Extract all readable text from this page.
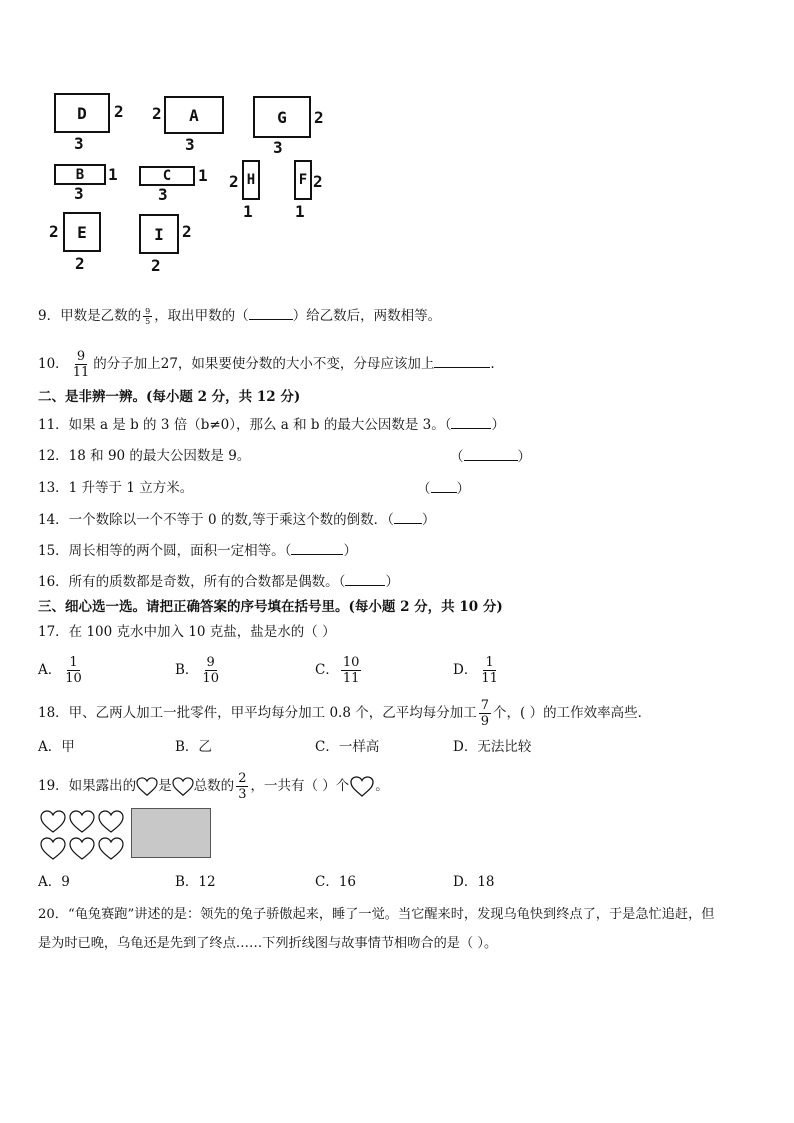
D 2
3
A
2
3
G 2
3
B 1
3
C 1
3
H
2
1
F 2
1
E
2
2
I 2
2
9．甲数是乙数的 $\frac{9}{5}$ ，取出甲数的（	）给乙数后，两数相等。
10． $\frac{9}{11}$ 的分子加上27，如果要使分数的大小不变，分母应该加上	.
二、是非辨一辨。(每小题 2 分，共 12 分)
11．如果 a 是 b 的 3 倍（b≠0），那么 a 和 b 的最大公因数是 3。（	）
12．18 和 90 的最大公因数是 9。	（	）
13．1 升等于 1 立方米。	（ ）
14．一个数除以一个不等于 0 的数,等于乘这个数的倒数．（ ）
15．周长相等的两个圆，面积一定相等。（	）
16．所有的质数都是奇数，所有的合数都是偶数。（	）
三、细心选一选。请把正确答案的序号填在括号里。(每小题 2 分，共 10 分)
17．在 100 克水中加入 10 克盐，盐是水的（ ）
A． $\frac{1}{10}$	B． $\frac{9}{10}$	C． $\frac{10}{11}$	D． $\frac{1}{11}$
18．甲、乙两人加工一批零件，甲平均每分加工 0.8 个，乙平均每分加工 $\frac{7}{9}$ 个，( ）的工作效率高些．
A．甲	B．乙	C．一样高	D．无法比较
19．如果露出的 是 总数的 $\frac{2}{3}$ ，一共有（ ）个 。
A．9	B．12	C．16	D．18
20．“龟兔赛跑”讲述的是：领先的兔子骄傲起来，睡了一觉。当它醒来时，发现乌龟快到终点了，于是急忙追赶，但
是为时已晚，乌龟还是先到了终点……下列折线图与故事情节相吻合的是（ ）。
